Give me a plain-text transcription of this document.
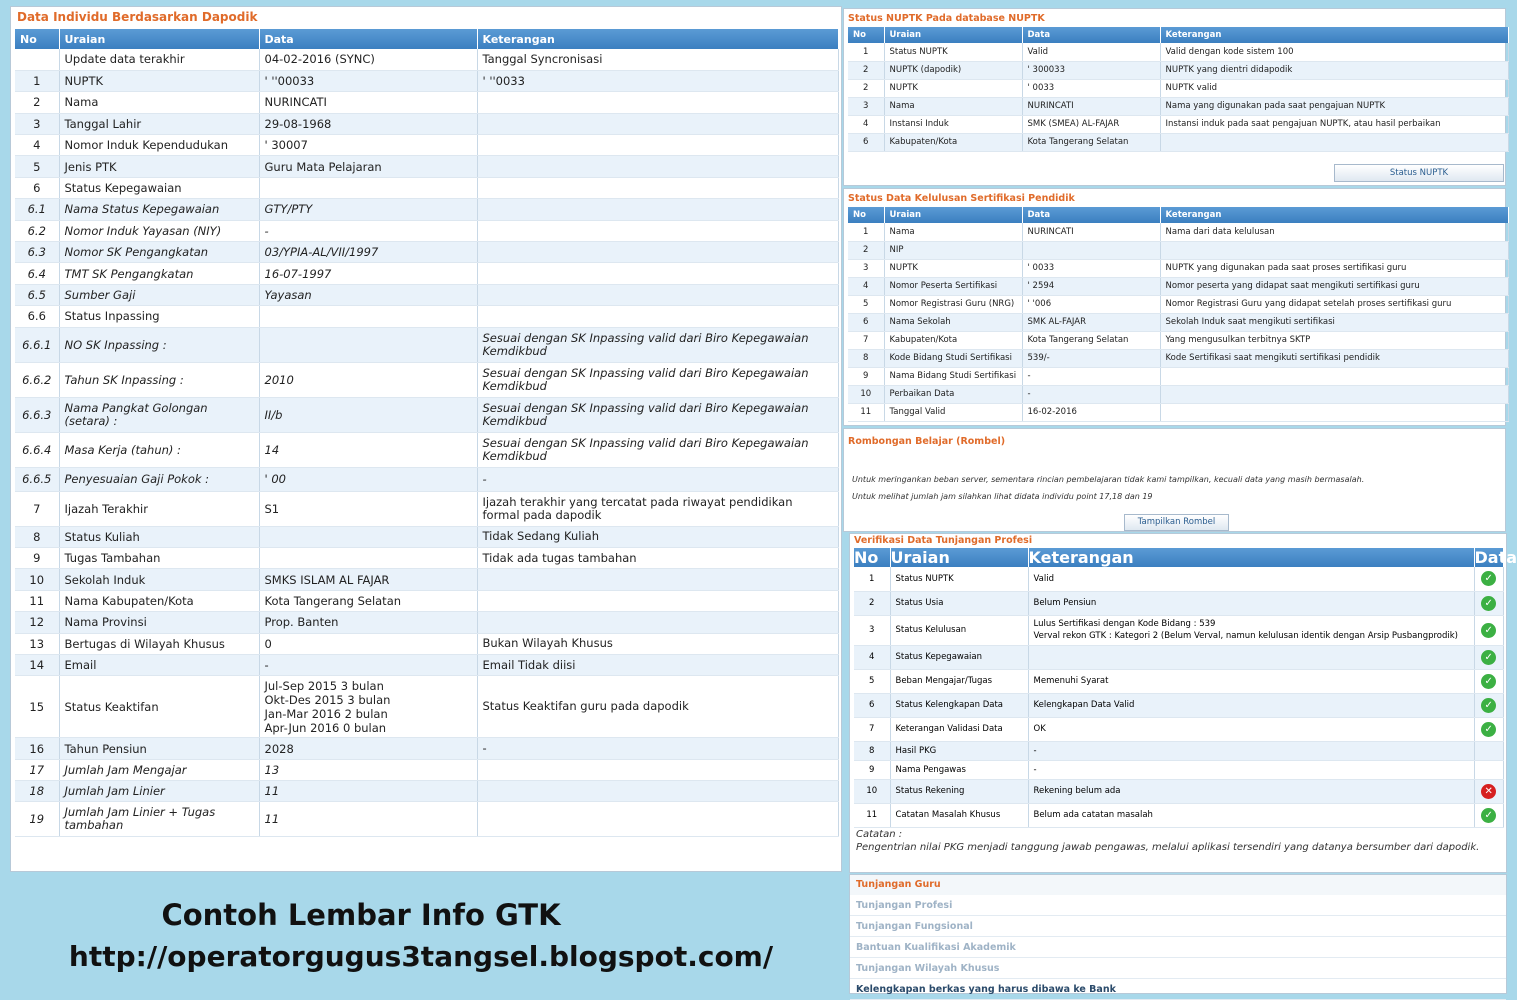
Data Individu Berdasarkan Dapodik
No	Uraian	Data	Keterangan
	Update data terakhir	04-02-2016 (SYNC)	Tanggal Syncronisasi
1	NUPTK	' ''00033	' ''0033
2	Nama	NURINCATI	
3	Tanggal Lahir	29-08-1968	
4	Nomor Induk Kependudukan	' 30007	
5	Jenis PTK	Guru Mata Pelajaran	
6	Status Kepegawaian		
6.1	Nama Status Kepegawaian	GTY/PTY	
6.2	Nomor Induk Yayasan (NIY)	-	
6.3	Nomor SK Pengangkatan	03/YPIA-AL/VII/1997	
6.4	TMT SK Pengangkatan	16-07-1997	
6.5	Sumber Gaji	Yayasan	
6.6	Status Inpassing		
6.6.1	NO SK Inpassing :		Sesuai dengan SK Inpassing valid dari Biro Kepegawaian Kemdikbud
6.6.2	Tahun SK Inpassing :	2010	Sesuai dengan SK Inpassing valid dari Biro Kepegawaian Kemdikbud
6.6.3	Nama Pangkat Golongan (setara) :	II/b	Sesuai dengan SK Inpassing valid dari Biro Kepegawaian Kemdikbud
6.6.4	Masa Kerja (tahun) :	14	Sesuai dengan SK Inpassing valid dari Biro Kepegawaian Kemdikbud
6.6.5	Penyesuaian Gaji Pokok :	' 00	-
7	Ijazah Terakhir	S1	Ijazah terakhir yang tercatat pada riwayat pendidikan formal pada dapodik
8	Status Kuliah		Tidak Sedang Kuliah
9	Tugas Tambahan		Tidak ada tugas tambahan
10	Sekolah Induk	SMKS ISLAM AL FAJAR	
11	Nama Kabupaten/Kota	Kota Tangerang Selatan	
12	Nama Provinsi	Prop. Banten	
13	Bertugas di Wilayah Khusus	0	Bukan Wilayah Khusus
14	Email	-	Email Tidak diisi
15	Status Keaktifan	Jul-Sep 2015 3 bulan
Okt-Des 2015 3 bulan
Jan-Mar 2016 2 bulan
Apr-Jun 2016 0 bulan	Status Keaktifan guru pada dapodik
16	Tahun Pensiun	2028	-
17	Jumlah Jam Mengajar	13	
18	Jumlah Jam Linier	11	
19	Jumlah Jam Linier + Tugas tambahan	11	
Status NUPTK Pada database NUPTK
No	Uraian	Data	Keterangan
1	Status NUPTK	Valid	Valid dengan kode sistem 100
2	NUPTK (dapodik)	' 300033	NUPTK yang dientri didapodik
2	NUPTK	' 0033	NUPTK valid
3	Nama	NURINCATI	Nama yang digunakan pada saat pengajuan NUPTK
4	Instansi Induk	SMK (SMEA) AL-FAJAR	Instansi induk pada saat pengajuan NUPTK, atau hasil perbaikan
6	Kabupaten/Kota	Kota Tangerang Selatan	
Status NUPTK
Status Data Kelulusan Sertifikasi Pendidik
No	Uraian	Data	Keterangan
1	Nama	NURINCATI	Nama dari data kelulusan
2	NIP		
3	NUPTK	' 0033	NUPTK yang digunakan pada saat proses sertifikasi guru
4	Nomor Peserta Sertifikasi	' 2594	Nomor peserta yang didapat saat mengikuti sertifikasi guru
5	Nomor Registrasi Guru (NRG)	' '006	Nomor Registrasi Guru yang didapat setelah proses sertifikasi guru
6	Nama Sekolah	SMK AL-FAJAR	Sekolah Induk saat mengikuti sertifikasi
7	Kabupaten/Kota	Kota Tangerang Selatan	Yang mengusulkan terbitnya SKTP
8	Kode Bidang Studi Sertifikasi	539/-	Kode Sertifikasi saat mengikuti sertifikasi pendidik
9	Nama Bidang Studi Sertifikasi	-	
10	Perbaikan Data	-	
11	Tanggal Valid	16-02-2016	
Rombongan Belajar (Rombel)
Untuk meringankan beban server, sementara rincian pembelajaran tidak kami tampilkan, kecuali data yang masih bermasalah.
Untuk melihat jumlah jam silahkan lihat didata individu point 17,18 dan 19
Tampilkan Rombel
Verifikasi Data Tunjangan Profesi
No	Uraian	Keterangan	Data
1	Status NUPTK	Valid	✓
2	Status Usia	Belum Pensiun	✓
3	Status Kelulusan	Lulus Sertifikasi dengan Kode Bidang : 539
Verval rekon GTK : Kategori 2 (Belum Verval, namun kelulusan identik dengan Arsip Pusbangprodik)	✓
4	Status Kepegawaian		✓
5	Beban Mengajar/Tugas	Memenuhi Syarat	✓
6	Status Kelengkapan Data	Kelengkapan Data Valid	✓
7	Keterangan Validasi Data	OK	✓
8	Hasil PKG	-	
9	Nama Pengawas	-	
10	Status Rekening	Rekening belum ada	✕
11	Catatan Masalah Khusus	Belum ada catatan masalah	✓
Catatan :
Pengentrian nilai PKG menjadi tanggung jawab pengawas, melalui aplikasi tersendiri yang datanya bersumber dari dapodik.
Tunjangan Guru
Tunjangan Profesi
Tunjangan Fungsional
Bantuan Kualifikasi Akademik
Tunjangan Wilayah Khusus
Kelengkapan berkas yang harus dibawa ke Bank
Contoh Lembar Info GTK
http://operatorgugus3tangsel.blogspot.com/
